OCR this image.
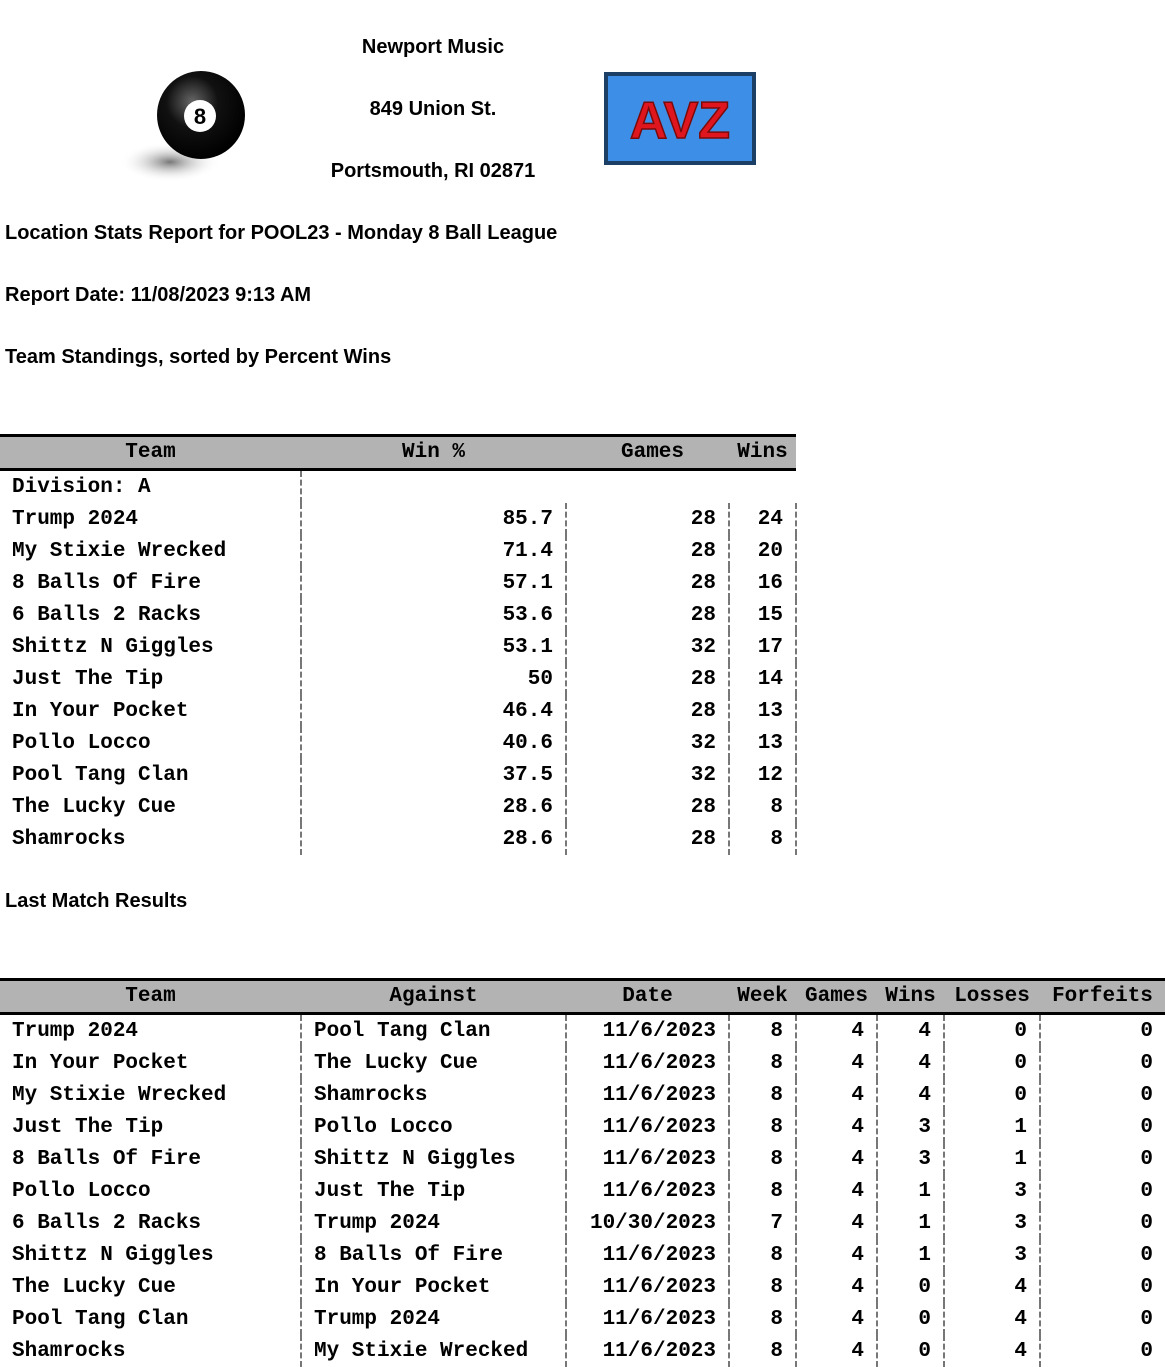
8	AVZ
Newport Music
849 Union St.
Portsmouth, RI 02871
Location Stats Report for POOL23 - Monday 8 Ball League
Report Date: 11/08/2023 9:13 AM
Team Standings, sorted by Percent Wins
Team	Win %	Games	Wins
Division: A			
Trump 2024	85.7	28	24
My Stixie Wrecked	71.4	28	20
8 Balls Of Fire	57.1	28	16
6 Balls 2 Racks	53.6	28	15
Shittz N Giggles	53.1	32	17
Just The Tip	50	28	14
In Your Pocket	46.4	28	13
Pollo Locco	40.6	32	13
Pool Tang Clan	37.5	32	12
The Lucky Cue	28.6	28	8
Shamrocks	28.6	28	8
Last Match Results
Team	Against	Date	Week	Games	Wins	Losses	Forfeits
Trump 2024	Pool Tang Clan	11/6/2023	8	4	4	0	0
In Your Pocket	The Lucky Cue	11/6/2023	8	4	4	0	0
My Stixie Wrecked	Shamrocks	11/6/2023	8	4	4	0	0
Just The Tip	Pollo Locco	11/6/2023	8	4	3	1	0
8 Balls Of Fire	Shittz N Giggles	11/6/2023	8	4	3	1	0
Pollo Locco	Just The Tip	11/6/2023	8	4	1	3	0
6 Balls 2 Racks	Trump 2024	10/30/2023	7	4	1	3	0
Shittz N Giggles	8 Balls Of Fire	11/6/2023	8	4	1	3	0
The Lucky Cue	In Your Pocket	11/6/2023	8	4	0	4	0
Pool Tang Clan	Trump 2024	11/6/2023	8	4	0	4	0
Shamrocks	My Stixie Wrecked	11/6/2023	8	4	0	4	0
